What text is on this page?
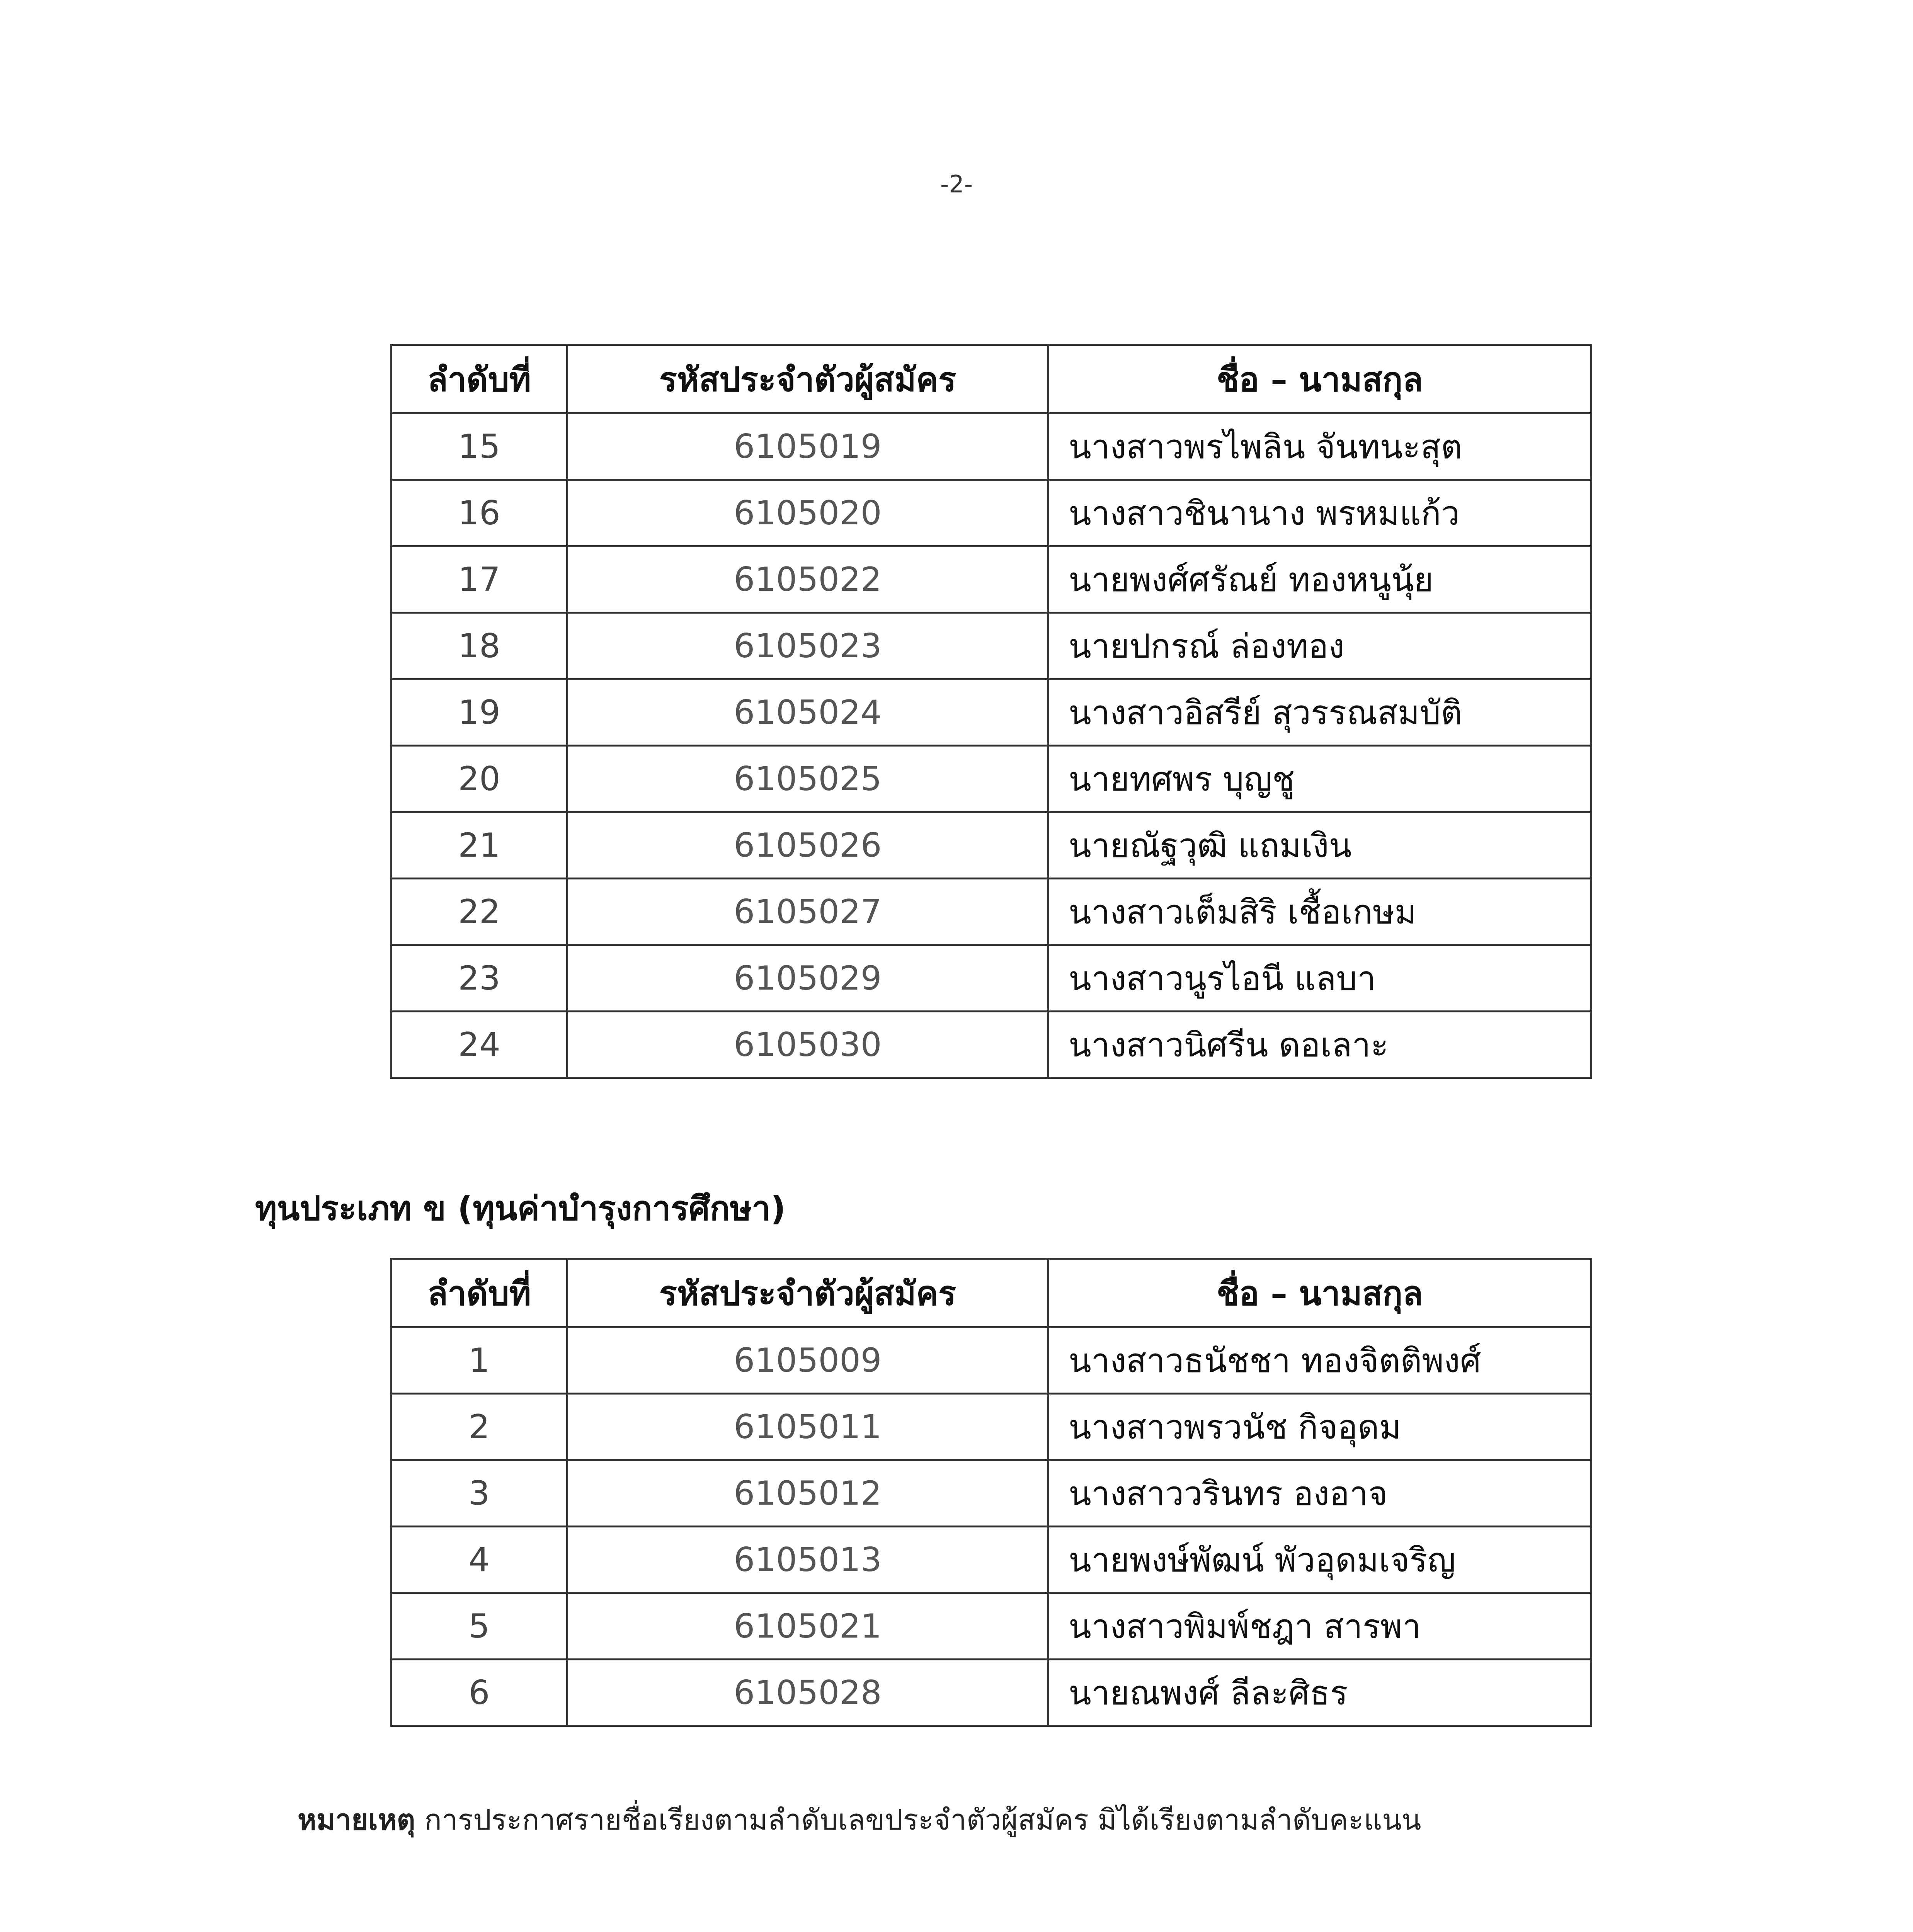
-2-
ลำดับที่	รหัสประจำตัวผู้สมัคร	ชื่อ – นามสกุล
15	6105019	นางสาวพรไพลิน จันทนะสุต
16	6105020	นางสาวชินานาง พรหมแก้ว
17	6105022	นายพงศ์ศรัณย์ ทองหนูนุ้ย
18	6105023	นายปกรณ์ ล่องทอง
19	6105024	นางสาวอิสรีย์ สุวรรณสมบัติ
20	6105025	นายทศพร บุญชู
21	6105026	นายณัฐวุฒิ แถมเงิน
22	6105027	นางสาวเต็มสิริ เชื้อเกษม
23	6105029	นางสาวนูรไอนี แลบา
24	6105030	นางสาวนิศรีน ดอเลาะ
ทุนประเภท ข (ทุนค่าบำรุงการศึกษา)
ลำดับที่	รหัสประจำตัวผู้สมัคร	ชื่อ – นามสกุล
1	6105009	นางสาวธนัชชา ทองจิตติพงศ์
2	6105011	นางสาวพรวนัช กิจอุดม
3	6105012	นางสาววรินทร องอาจ
4	6105013	นายพงษ์พัฒน์ พัวอุดมเจริญ
5	6105021	นางสาวพิมพ์ชฎา สารพา
6	6105028	นายณพงศ์ ลีละศิธร
หมายเหตุ การประกาศรายชื่อเรียงตามลำดับเลขประจำตัวผู้สมัคร มิได้เรียงตามลำดับคะแนน
